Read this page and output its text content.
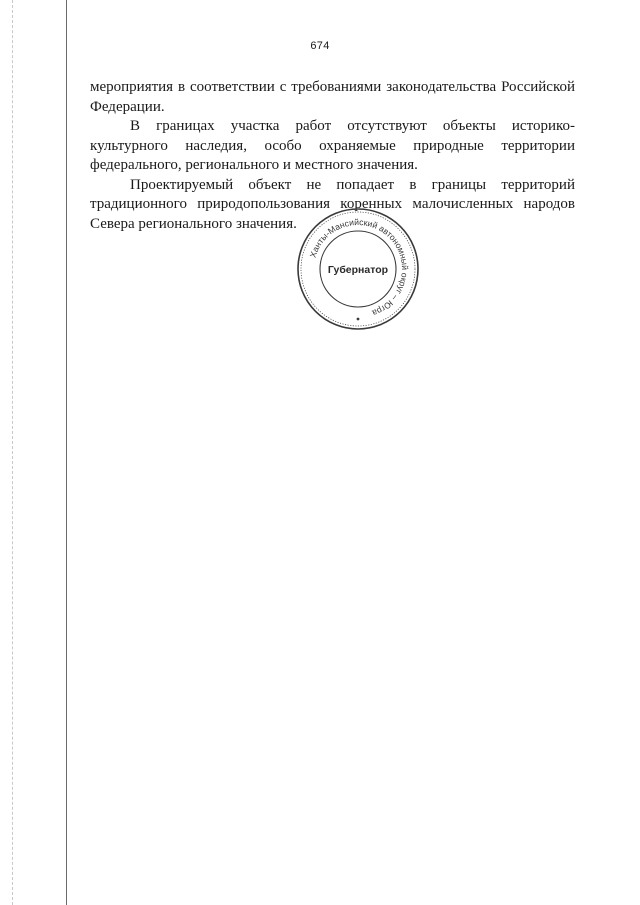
674

мероприятия в соответствии с требованиями законодательства Российской Федерации.

В границах участка работ отсутствуют объекты историко-культурного наследия, особо охраняемые природные территории федерального, регионального и местного значения.

Проектируемый объект не попадает в границы территорий традиционного природопользования коренных малочисленных народов Севера регионального значения.

Ханты-Мансийский автономный округ – Югра
Губернатор
